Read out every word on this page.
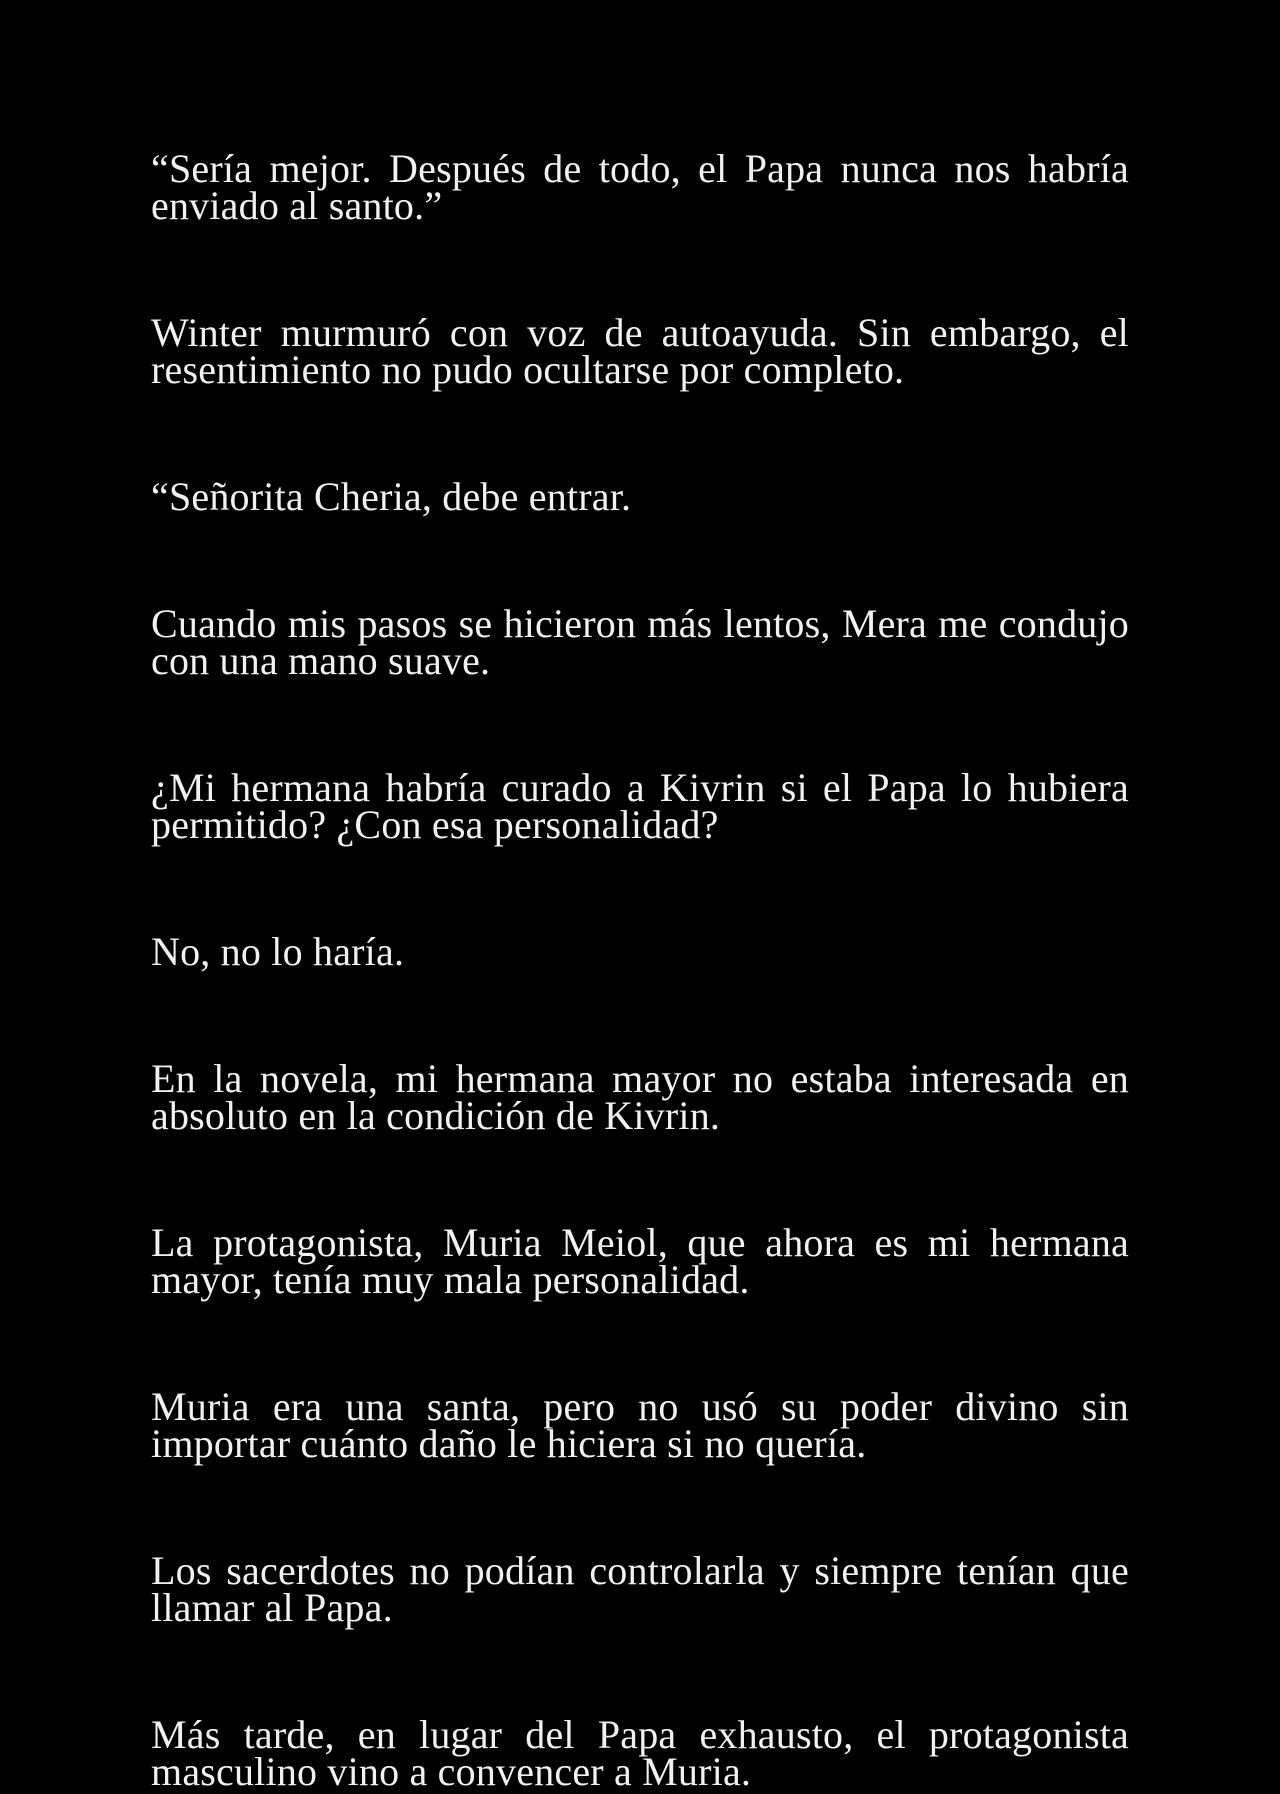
“Sería mejor. Después de todo, el Papa nunca nos habría enviado al santo.”

Winter murmuró con voz de autoayuda. Sin embargo, el resentimiento no pudo ocultarse por completo.

“Señorita Cheria, debe entrar.

Cuando mis pasos se hicieron más lentos, Mera me condujo con una mano suave.

¿Mi hermana habría curado a Kivrin si el Papa lo hubiera permitido? ¿Con esa personalidad?

No, no lo haría.

En la novela, mi hermana mayor no estaba interesada en absoluto en la condición de Kivrin.

La protagonista, Muria Meiol, que ahora es mi hermana mayor, tenía muy mala personalidad.

Muria era una santa, pero no usó su poder divino sin importar cuánto daño le hiciera si no quería.

Los sacerdotes no podían controlarla y siempre tenían que llamar al Papa.

Más tarde, en lugar del Papa exhausto, el protagonista masculino vino a convencer a Muria.
